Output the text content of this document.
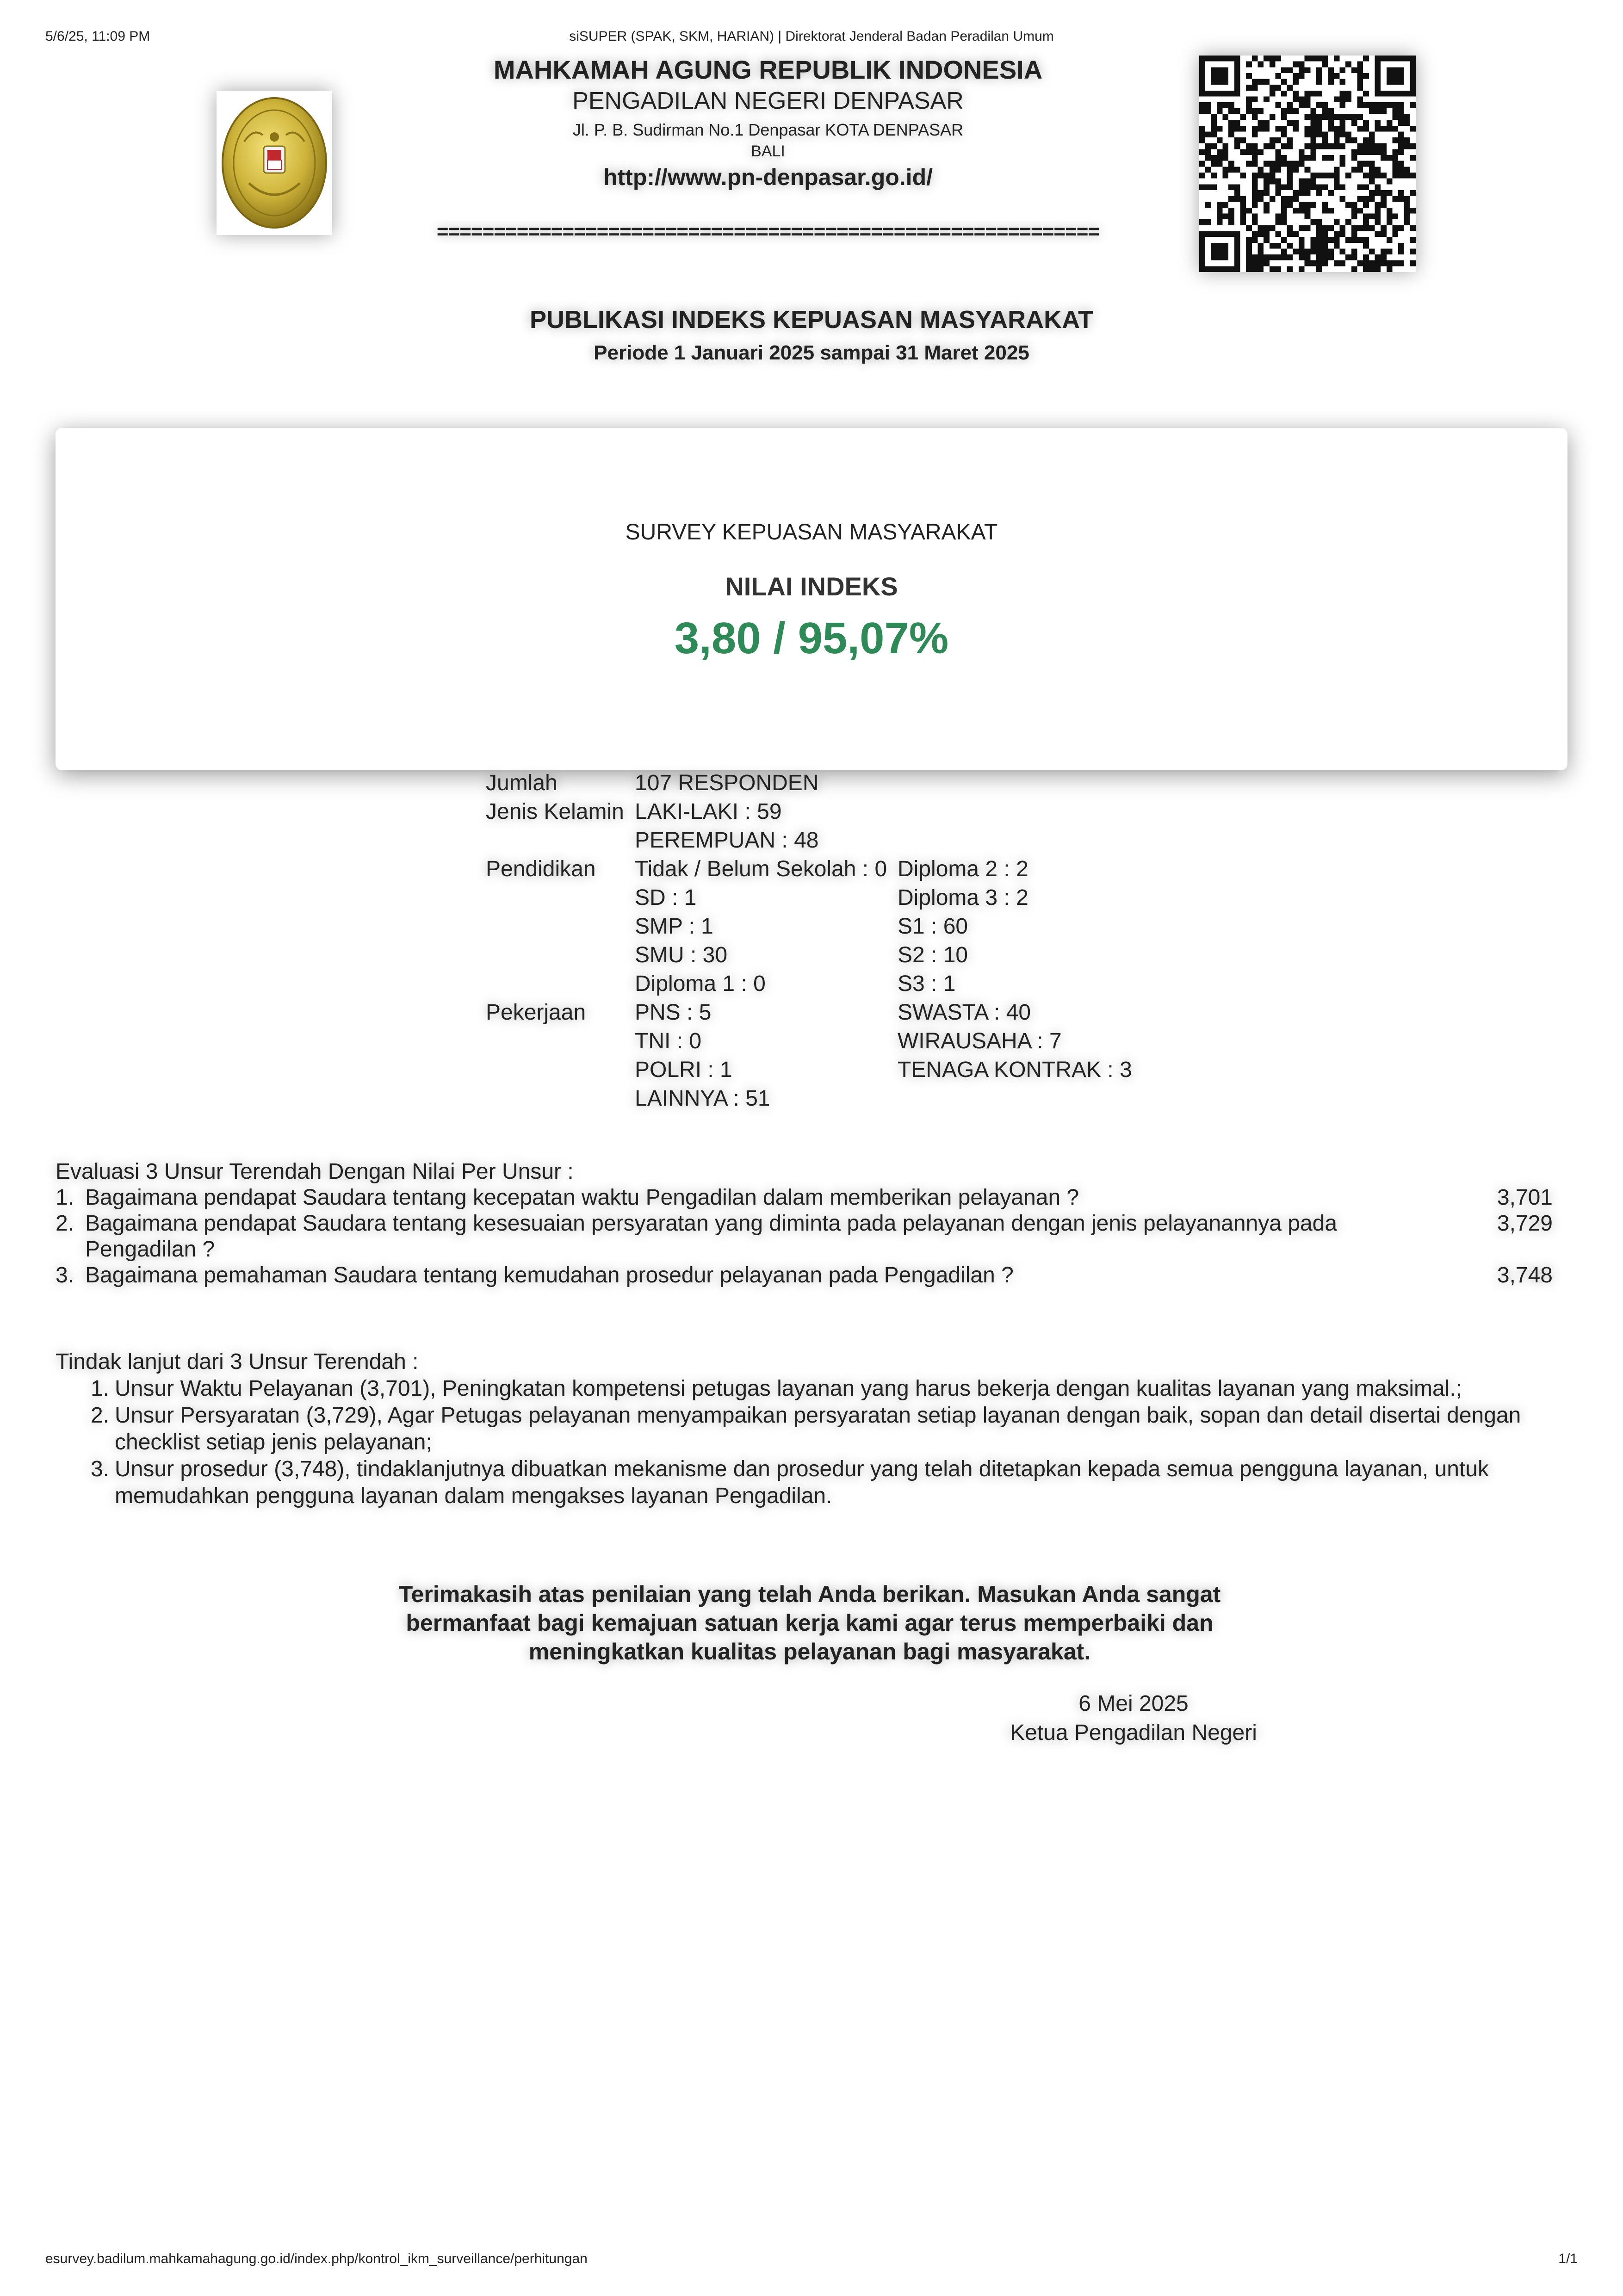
5/6/25, 11:09 PM	siSUPER (SPAK, SKM, HARIAN) | Direktorat Jenderal Badan Peradilan Umum
MAHKAMAH AGUNG REPUBLIK INDONESIA
PENGADILAN NEGERI DENPASAR
Jl. P. B. Sudirman No.1 Denpasar KOTA DENPASAR
BALI
http://www.pn-denpasar.go.id/
==========================================================
PUBLIKASI INDEKS KEPUASAN MASYARAKAT
Periode 1 Januari 2025 sampai 31 Maret 2025
SURVEY KEPUASAN MASYARAKAT
NILAI INDEKS
3,80 / 95,07%
Jumlah	107 RESPONDEN	
Jenis Kelamin	LAKI-LAKI : 59	
	PEREMPUAN : 48	
Pendidikan	Tidak / Belum Sekolah : 0	Diploma 2 : 2
	SD : 1	Diploma 3 : 2
	SMP : 1	S1 : 60
	SMU : 30	S2 : 10
	Diploma 1 : 0	S3 : 1
Pekerjaan	PNS : 5	SWASTA : 40
	TNI : 0	WIRAUSAHA : 7
	POLRI : 1	TENAGA KONTRAK : 3
	LAINNYA : 51	
Evaluasi 3 Unsur Terendah Dengan Nilai Per Unsur :
1. Bagaimana pendapat Saudara tentang kecepatan waktu Pengadilan dalam memberikan pelayanan ?	3,701
2. Bagaimana pendapat Saudara tentang kesesuaian persyaratan yang diminta pada pelayanan dengan jenis pelayanannya pada Pengadilan ?
3,729
3. Bagaimana pemahaman Saudara tentang kemudahan prosedur pelayanan pada Pengadilan ?	3,748
Tindak lanjut dari 3 Unsur Terendah :
1. Unsur Waktu Pelayanan (3,701), Peningkatan kompetensi petugas layanan yang harus bekerja dengan kualitas layanan yang maksimal.;
2. Unsur Persyaratan (3,729), Agar Petugas pelayanan menyampaikan persyaratan setiap layanan dengan baik, sopan dan detail disertai dengan checklist setiap jenis pelayanan;
3. Unsur prosedur (3,748), tindaklanjutnya dibuatkan mekanisme dan prosedur yang telah ditetapkan kepada semua pengguna layanan, untuk memudahkan pengguna layanan dalam mengakses layanan Pengadilan.
Terimakasih atas penilaian yang telah Anda berikan. Masukan Anda sangat bermanfaat bagi kemajuan satuan kerja kami agar terus memperbaiki dan meningkatkan kualitas pelayanan bagi masyarakat.
6 Mei 2025
Ketua Pengadilan Negeri
esurvey.badilum.mahkamahagung.go.id/index.php/kontrol_ikm_surveillance/perhitungan	1/1
